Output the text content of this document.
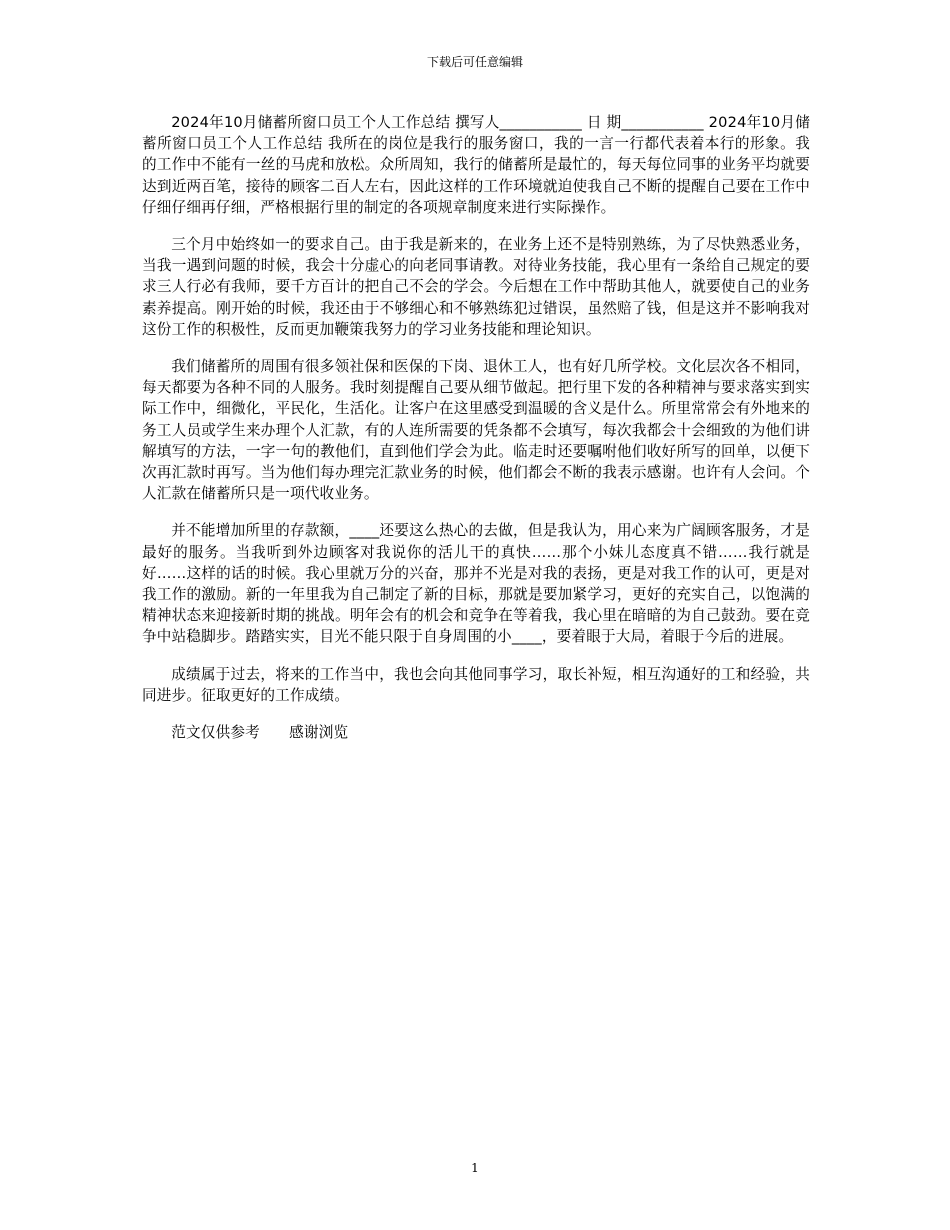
下载后可任意编辑

2024年10月储蓄所窗口员工个人工作总结 撰写人___________ 日 期___________ 2024年10月储蓄所窗口员工个人工作总结 我所在的岗位是我行的服务窗口，我的一言一行都代表着本行的形象。我的工作中不能有一丝的马虎和放松。众所周知，我行的储蓄所是最忙的，每天每位同事的业务平均就要达到近两百笔，接待的顾客二百人左右，因此这样的工作环境就迫使我自己不断的提醒自己要在工作中仔细仔细再仔细，严格根据行里的制定的各项规章制度来进行实际操作。

三个月中始终如一的要求自己。由于我是新来的，在业务上还不是特别熟练，为了尽快熟悉业务，当我一遇到问题的时候，我会十分虚心的向老同事请教。对待业务技能，我心里有一条给自己规定的要求三人行必有我师，要千方百计的把自己不会的学会。今后想在工作中帮助其他人，就要使自己的业务素养提高。刚开始的时候，我还由于不够细心和不够熟练犯过错误，虽然赔了钱，但是这并不影响我对这份工作的积极性，反而更加鞭策我努力的学习业务技能和理论知识。

我们储蓄所的周围有很多领社保和医保的下岗、退休工人，也有好几所学校。文化层次各不相同，每天都要为各种不同的人服务。我时刻提醒自己要从细节做起。把行里下发的各种精神与要求落实到实际工作中，细微化，平民化，生活化。让客户在这里感受到温暖的含义是什么。所里常常会有外地来的务工人员或学生来办理个人汇款，有的人连所需要的凭条都不会填写，每次我都会十会细致的为他们讲解填写的方法，一字一句的教他们，直到他们学会为此。临走时还要嘱咐他们收好所写的回单，以便下次再汇款时再写。当为他们每办理完汇款业务的时候，他们都会不断的我表示感谢。也许有人会问。个人汇款在储蓄所只是一项代收业务。

并不能增加所里的存款额，____还要这么热心的去做，但是我认为，用心来为广阔顾客服务，才是最好的服务。当我听到外边顾客对我说你的活儿干的真快……那个小妹儿态度真不错……我行就是好……这样的话的时候。我心里就万分的兴奋，那并不光是对我的表扬，更是对我工作的认可，更是对我工作的激励。新的一年里我为自己制定了新的目标，那就是要加紧学习，更好的充实自己，以饱满的精神状态来迎接新时期的挑战。明年会有的机会和竞争在等着我，我心里在暗暗的为自己鼓劲。要在竞争中站稳脚步。踏踏实实，目光不能只限于自身周围的小____，要着眼于大局，着眼于今后的进展。

成绩属于过去，将来的工作当中，我也会向其他同事学习，取长补短，相互沟通好的工和经验，共同进步。征取更好的工作成绩。

范文仅供参考 感谢浏览
1
